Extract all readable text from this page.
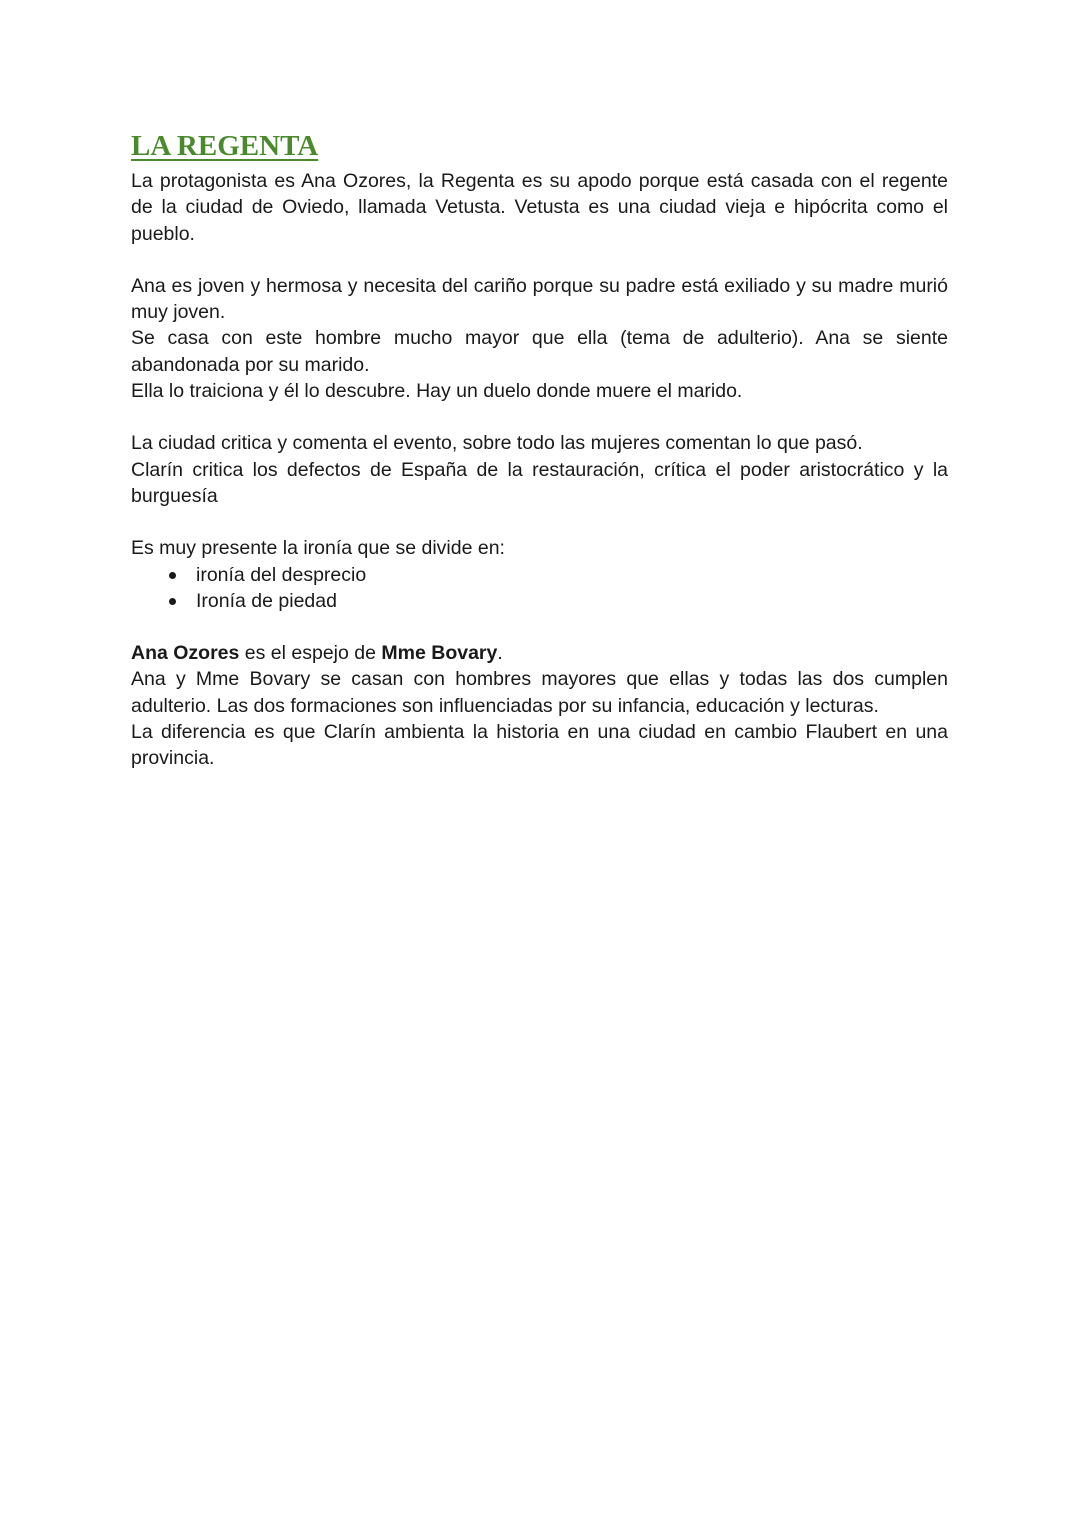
LA REGENTA

La protagonista es Ana Ozores, la Regenta es su apodo porque está casada con el regente de la ciudad de Oviedo, llamada Vetusta. Vetusta es una ciudad vieja e hipócrita como el pueblo.

Ana es joven y hermosa y necesita del cariño porque su padre está exiliado y su madre murió muy joven.

Se casa con este hombre mucho mayor que ella (tema de adulterio). Ana se siente abandonada por su marido.

Ella lo traiciona y él lo descubre. Hay un duelo donde muere el marido.

La ciudad critica y comenta el evento, sobre todo las mujeres comentan lo que pasó.

Clarín critica los defectos de España de la restauración, crítica el poder aristocrático y la burguesía

Es muy presente la ironía que se divide en:

ironía del desprecio
Ironía de piedad

Ana Ozores es el espejo de Mme Bovary.

Ana y Mme Bovary se casan con hombres mayores que ellas y todas las dos cumplen adulterio. Las dos formaciones son influenciadas por su infancia, educación y lecturas.

La diferencia es que Clarín ambienta la historia en una ciudad en cambio Flaubert en una provincia.
